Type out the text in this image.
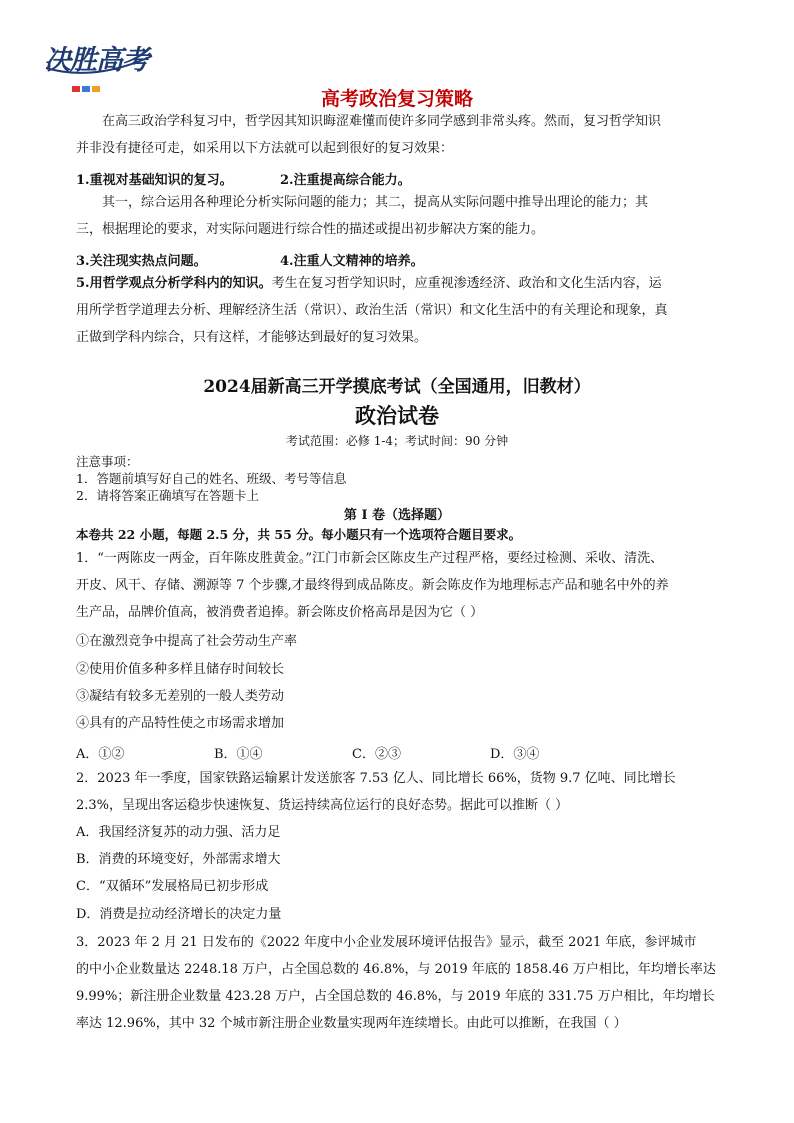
决胜高考
高考政治复习策略

在高三政治学科复习中，哲学因其知识晦涩难懂而使许多同学感到非常头疼。然而，复习哲学知识

并非没有捷径可走，如采用以下方法就可以起到很好的复习效果：

1.重视对基础知识的复习。	2.注重提高综合能力。

其一，综合运用各种理论分析实际问题的能力；其二，提高从实际问题中推导出理论的能力；其

三，根据理论的要求，对实际问题进行综合性的描述或提出初步解决方案的能力。

3.关注现实热点问题。	4.注重人文精神的培养。

5.用哲学观点分析学科内的知识。考生在复习哲学知识时，应重视渗透经济、政治和文化生活内容，运

用所学哲学道理去分析、理解经济生活（常识）、政治生活（常识）和文化生活中的有关理论和现象，真

正做到学科内综合，只有这样，才能够达到最好的复习效果。

2024届新高三开学摸底考试（全国通用，旧教材）
政治试卷
考试范围：必修 1-4；考试时间：90 分钟
注意事项：
1．答题前填写好自己的姓名、班级、考号等信息
2．请将答案正确填写在答题卡上
第 I 卷（选择题）
本卷共 22 小题，每题 2.5 分，共 55 分。每小题只有一个选项符合题目要求。

1．“一两陈皮一两金，百年陈皮胜黄金。”江门市新会区陈皮生产过程严格，要经过检测、采收、清洗、

开皮、风干、存储、溯源等 7 个步骤,才最终得到成品陈皮。新会陈皮作为地理标志产品和驰名中外的养

生产品，品牌价值高，被消费者追捧。新会陈皮价格高昂是因为它（ ）

①在激烈竞争中提高了社会劳动生产率

②使用价值多种多样且储存时间较长

③凝结有较多无差别的一般人类劳动

④具有的产品特性使之市场需求增加

A．①②	B．①④	C．②③	D．③④

2．2023 年一季度，国家铁路运输累计发送旅客 7.53 亿人、同比增长 66%，货物 9.7 亿吨、同比增长

2.3%，呈现出客运稳步快速恢复、货运持续高位运行的良好态势。据此可以推断（ ）

A．我国经济复苏的动力强、活力足

B．消费的环境变好，外部需求增大

C．“双循环”发展格局已初步形成

D．消费是拉动经济增长的决定力量

3．2023 年 2 月 21 日发布的《2022 年度中小企业发展环境评估报告》显示，截至 2021 年底，参评城市

的中小企业数量达 2248.18 万户，占全国总数的 46.8%，与 2019 年底的 1858.46 万户相比，年均增长率达

9.99%；新注册企业数量 423.28 万户，占全国总数的 46.8%，与 2019 年底的 331.75 万户相比，年均增长

率达 12.96%，其中 32 个城市新注册企业数量实现两年连续增长。由此可以推断，在我国（ ）
